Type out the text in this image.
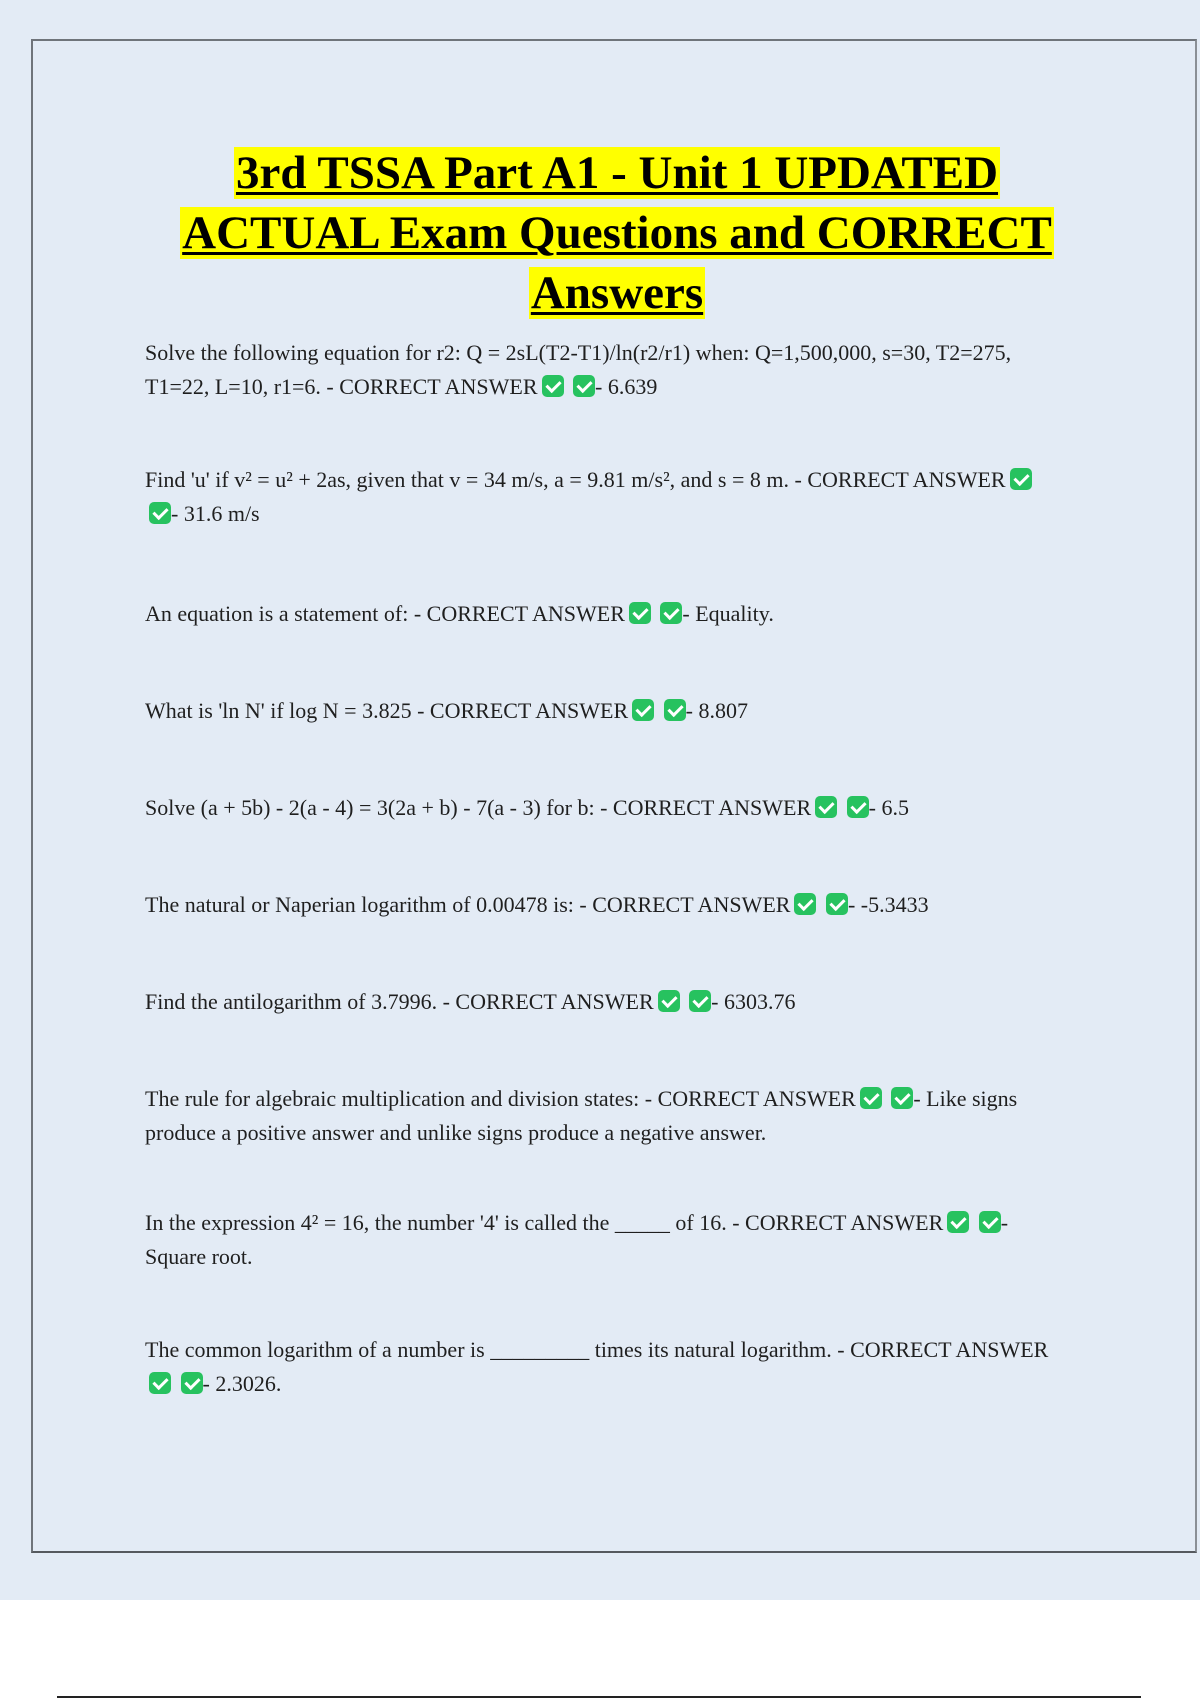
3rd TSSA Part A1 - Unit 1 UPDATED ACTUAL Exam Questions and CORRECT Answers

Solve the following equation for r2: Q = 2sL(T2-T1)/ln(r2/r1) when: Q=1,500,000, s=30, T2=275, T1=22, L=10, r1=6. - CORRECT ANSWER	- 6.639

Find 'u' if v² = u² + 2as, given that v = 34 m/s, a = 9.81 m/s², and s = 8 m. - CORRECT ANSWER - 31.6 m/s

An equation is a statement of: - CORRECT ANSWER	- Equality.

What is 'ln N' if log N = 3.825 - CORRECT ANSWER	- 8.807

Solve (a + 5b) - 2(a - 4) = 3(2a + b) - 7(a - 3) for b: - CORRECT ANSWER	- 6.5

The natural or Naperian logarithm of 0.00478 is: - CORRECT ANSWER	- -5.3433

Find the antilogarithm of 3.7996. - CORRECT ANSWER	- 6303.76

The rule for algebraic multiplication and division states: - CORRECT ANSWER	- Like signs produce a positive answer and unlike signs produce a negative answer.

In the expression 4² = 16, the number '4' is called the _____ of 16. - CORRECT ANSWER	- Square root.

The common logarithm of a number is _________ times its natural logarithm. - CORRECT ANSWER - 2.3026.
